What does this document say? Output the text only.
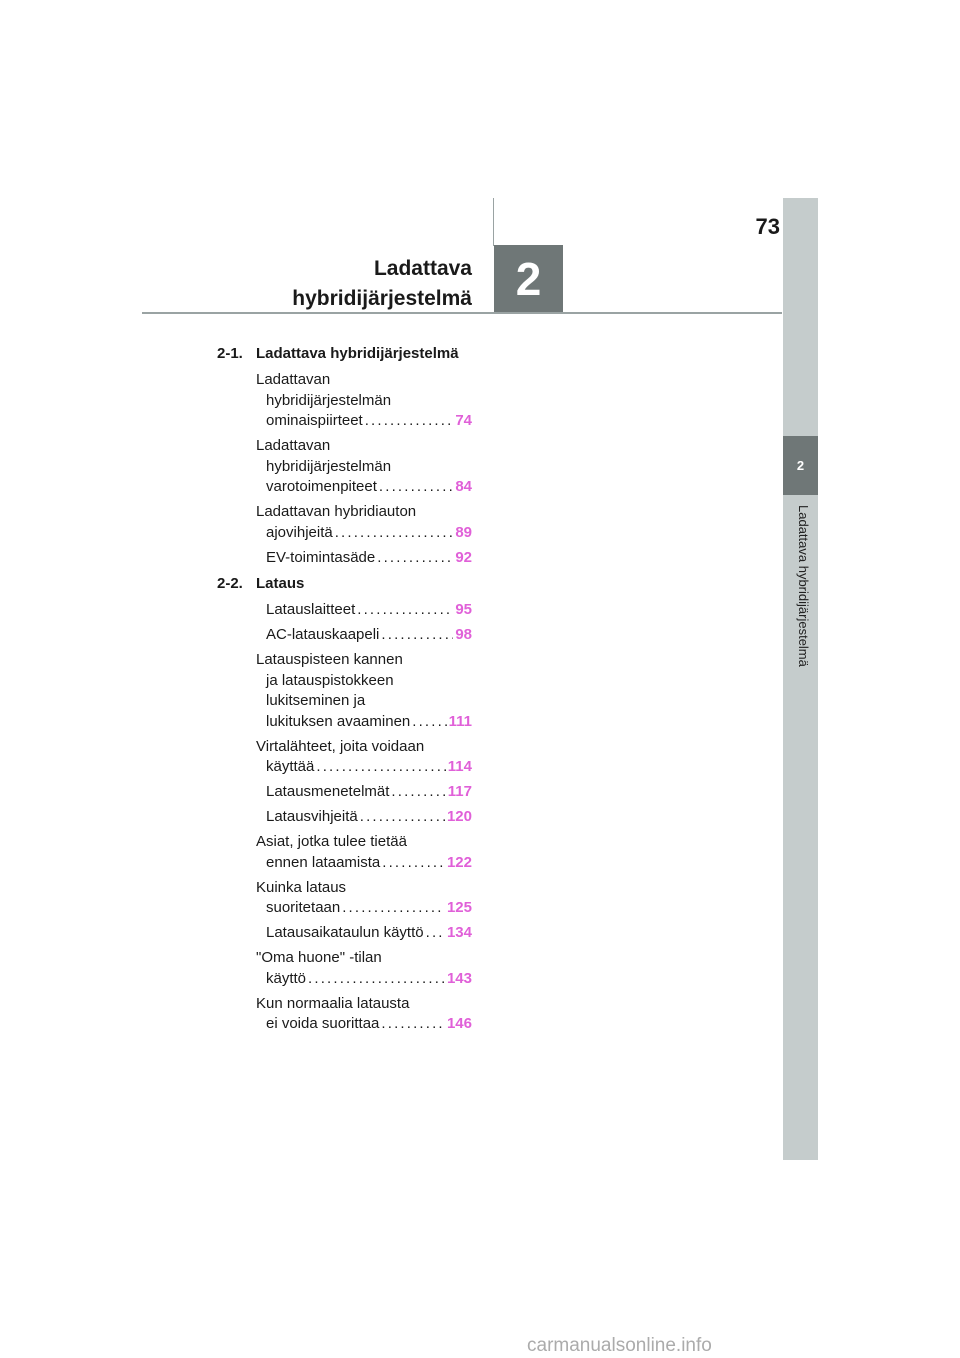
73
Ladattava
hybridijärjestelmä 2
2
Ladattava hybridijärjestelmä
2-1. Ladattava hybridijärjestelmä
Ladattavan
hybridijärjestelmän
ominaispiirteet . . .	74
Ladattavan
hybridijärjestelmän
varotoimenpiteet . . .	84
Ladattavan hybridiauton
ajovihjeitä . . .	89
EV-toimintasäde . . .	92
2-2. Lataus
Latauslaitteet . . .	95
AC-latauskaapeli . . .	98
Latauspisteen kannen
ja latauspistokkeen
lukitseminen ja
lukituksen avaaminen . . .	111
Virtalähteet, joita voidaan
käyttää . . .	114
Latausmenetelmät . . .	117
Latausvihjeitä . . .	120
Asiat, jotka tulee tietää
ennen lataamista . . .	122
Kuinka lataus
suoritetaan . . .	125
Latausaikataulun käyttö . . . 134
"Oma huone" -tilan
käyttö . . .	143
Kun normaalia latausta
ei voida suorittaa . . .	146
carmanualsonline.info
